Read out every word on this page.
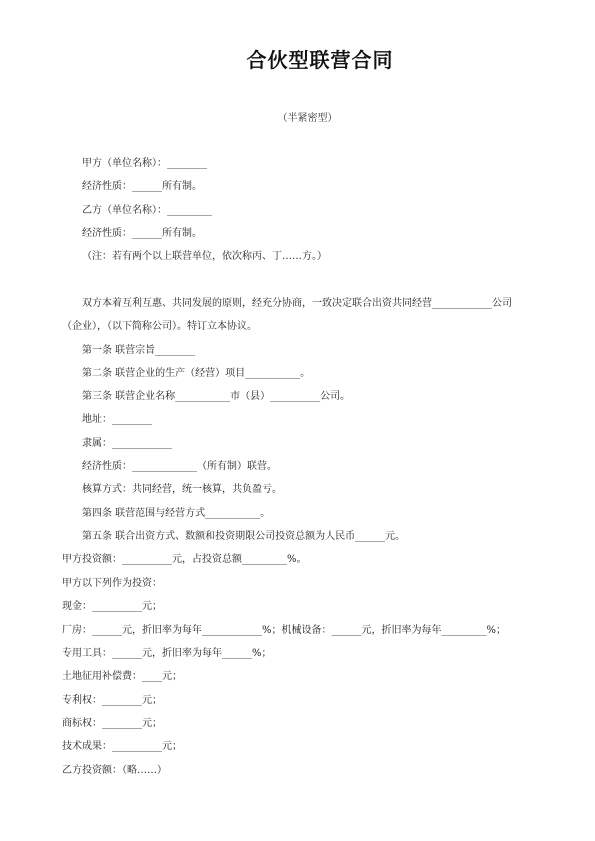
合伙型联营合同
（半紧密型）
甲方（单位名称）：________
经济性质：______所有制。
乙方（单位名称）：_________
经济性质：______所有制。
（注：若有两个以上联营单位，依次称丙、丁……方。）
双方本着互利互惠、共同发展的原则，经充分协商，一致决定联合出资共同经营____________公司
（企业），（以下简称公司）。特订立本协议。
第一条 联营宗旨________
第二条 联营企业的生产（经营）项目___________。
第三条 联营企业名称___________市（县）__________公司。
地址：________
隶属：____________
经济性质：_____________（所有制）联营。
核算方式：共同经营，统一核算，共负盈亏。
第四条 联营范围与经营方式___________。
第五条 联合出资方式、数额和投资期限公司投资总额为人民币______元。
甲方投资额：__________元，占投资总额_________%。
甲方以下列作为投资：
现金：__________元；
厂房：______元，折旧率为每年____________%；机械设备：______元，折旧率为每年_________%；
专用工具：______元，折旧率为每年______%；
土地征用补偿费：____元；
专利权：________元；
商标权：________元；
技术成果：__________元；
乙方投资额：（略……）
